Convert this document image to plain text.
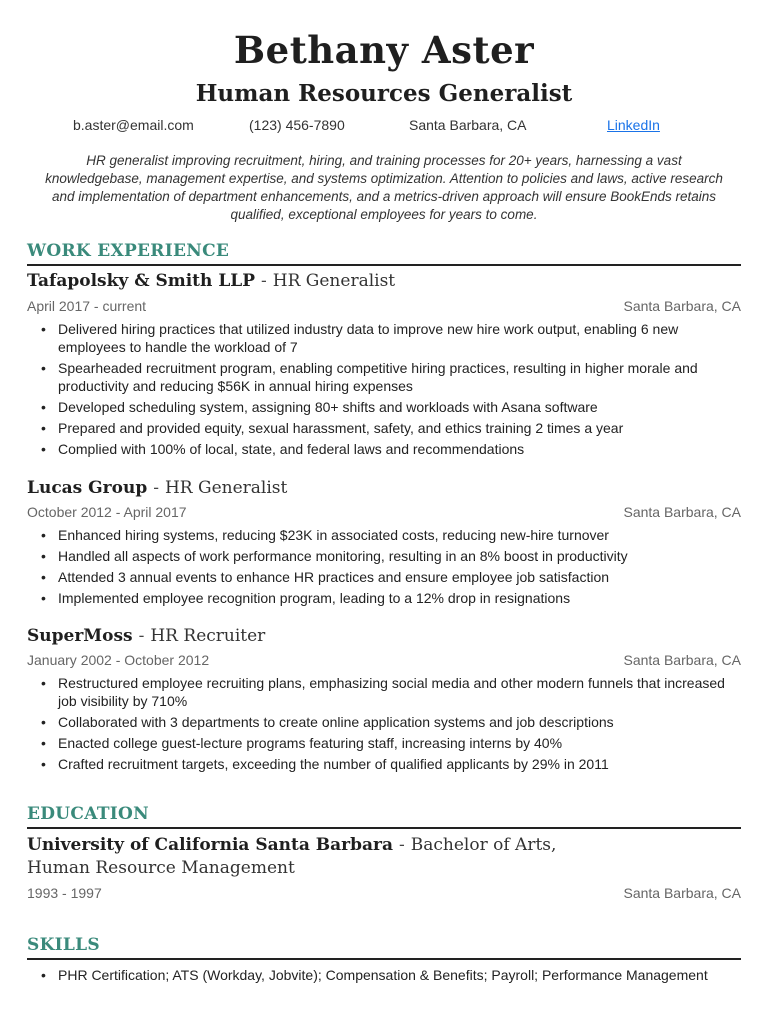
Bethany Aster
Human Resources Generalist
b.aster@email.com	(123) 456-7890	Santa Barbara, CA	LinkedIn
HR generalist improving recruitment, hiring, and training processes for 20+ years, harnessing a vast knowledgebase, management expertise, and systems optimization. Attention to policies and laws, active research and implementation of department enhancements, and a metrics-driven approach will ensure BookEnds retains qualified, exceptional employees for years to come.
WORK EXPERIENCE
Tafapolsky & Smith LLP - HR Generalist
April 2017 - current	Santa Barbara, CA
• Delivered hiring practices that utilized industry data to improve new hire work output, enabling 6 new employees to handle the workload of 7
• Spearheaded recruitment program, enabling competitive hiring practices, resulting in higher morale and productivity and reducing $56K in annual hiring expenses
• Developed scheduling system, assigning 80+ shifts and workloads with Asana software
• Prepared and provided equity, sexual harassment, safety, and ethics training 2 times a year
• Complied with 100% of local, state, and federal laws and recommendations
Lucas Group - HR Generalist
October 2012 - April 2017	Santa Barbara, CA
• Enhanced hiring systems, reducing $23K in associated costs, reducing new-hire turnover
• Handled all aspects of work performance monitoring, resulting in an 8% boost in productivity
• Attended 3 annual events to enhance HR practices and ensure employee job satisfaction
• Implemented employee recognition program, leading to a 12% drop in resignations
SuperMoss - HR Recruiter
January 2002 - October 2012	Santa Barbara, CA
• Restructured employee recruiting plans, emphasizing social media and other modern funnels that increased job visibility by 710%
• Collaborated with 3 departments to create online application systems and job descriptions
• Enacted college guest-lecture programs featuring staff, increasing interns by 40%
• Crafted recruitment targets, exceeding the number of qualified applicants by 29% in 2011
EDUCATION
University of California Santa Barbara - Bachelor of Arts,
Human Resource Management
1993 - 1997	Santa Barbara, CA
SKILLS
• PHR Certification; ATS (Workday, Jobvite); Compensation & Benefits; Payroll; Performance Management
